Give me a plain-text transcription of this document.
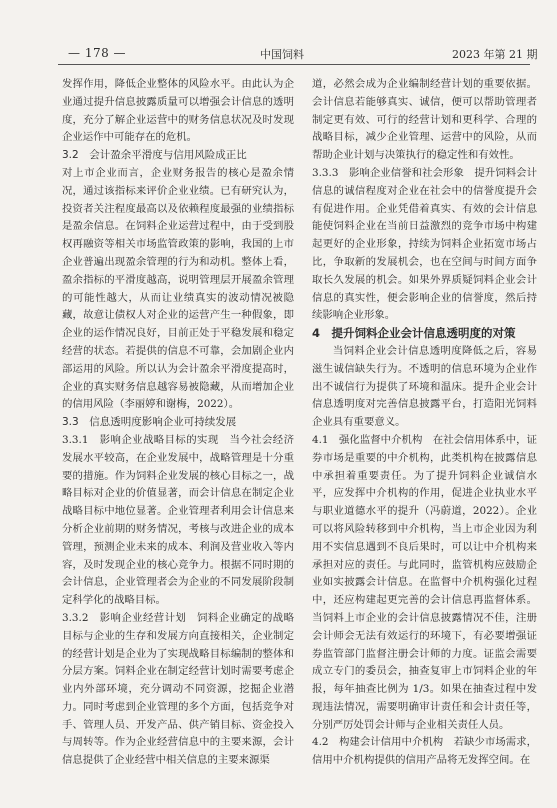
— 178 —	中国饲料	2023 年第 21 期

发挥作用，降低企业整体的风险水平。由此认为企业通过提升信息披露质量可以增强会计信息的透明度，充分了解企业运营中的财务信息状况及时发现企业运作中可能存在的危机。

3.2　会计盈余平滑度与信用风险成正比

对上市企业而言，企业财务报告的核心是盈余情况，通过该指标来评价企业业绩。已有研究认为，投资者关注程度最高以及依赖程度最强的业绩指标是盈余信息。在饲料企业运营过程中，由于受到股权再融资等相关市场监管政策的影响，我国的上市企业普遍出现盈余管理的行为和动机。整体上看，盈余指标的平滑度越高，说明管理层开展盈余管理的可能性越大，从而让业绩真实的波动情况被隐藏，故意让债权人对企业的运营产生一种假象，即企业的运作情况良好，目前正处于平稳发展和稳定经营的状态。若提供的信息不可靠，会加剧企业内部运用的风险。所以认为会计盈余平滑度提高时，企业的真实财务信息越容易被隐藏，从而增加企业的信用风险（李丽婷和谢梅，2022）。

3.3　信息透明度影响企业可持续发展

3.3.1　影响企业战略目标的实现　当今社会经济发展水平较高，在企业发展中，战略管理是十分重要的措施。作为饲料企业发展的核心目标之一，战略目标对企业的价值显著，而会计信息在制定企业战略目标中地位显著。企业管理者利用会计信息来分析企业前期的财务情况，考核与改进企业的成本管理，预测企业未来的成本、利润及营业收入等内容，及时发现企业的核心竞争力。根据不同时期的会计信息，企业管理者会为企业的不同发展阶段制定科学化的战略目标。

3.3.2　影响企业经营计划　饲料企业确定的战略目标与企业的生存和发展方向直接相关，企业制定的经营计划是企业为了实现战略目标编制的整体和分层方案。饲料企业在制定经营计划时需要考虑企业内外部环境，充分调动不同资源，挖掘企业潜力。同时考虑到企业管理的多个方面，包括竞争对手、管理人员、开发产品、供产销目标、资金投入与周转等。作为企业经营信息中的主要来源，会计信息提供了企业经营中相关信息的主要来源渠

道，必然会成为企业编制经营计划的重要依据。会计信息若能够真实、诚信，便可以帮助管理者制定更有效、可行的经营计划和更科学、合理的战略目标，减少企业管理、运营中的风险，从而帮助企业计划与决策执行的稳定性和有效性。

3.3.3　影响企业信誉和社会形象　提升饲料会计信息的诚信程度对企业在社会中的信誉度提升会有促进作用。企业凭借着真实、有效的会计信息能使饲料企业在当前日益激烈的竞争市场中构建起更好的企业形象，持续为饲料企业拓宽市场占比，争取新的发展机会，也在空间与时间方面争取长久发展的机会。如果外界质疑饲料企业会计信息的真实性，便会影响企业的信誉度，然后持续影响企业形象。

4　提升饲料企业会计信息透明度的对策

当饲料企业会计信息透明度降低之后，容易滋生诚信缺失行为。不透明的信息环境为企业作出不诚信行为提供了环境和温床。提升企业会计信息透明度对完善信息披露平台，打造阳光饲料企业具有重要意义。

4.1　强化监督中介机构　在社会信用体系中，证券市场是重要的中介机构，此类机构在披露信息中承担着重要责任。为了提升饲料企业诚信水平，应发挥中介机构的作用，促进企业执业水平与职业道德水平的提升（冯蔚道，2022）。企业可以将风险转移到中介机构，当上市企业因为利用不实信息遇到不良后果时，可以让中介机构来承担对应的责任。与此同时，监管机构应鼓励企业如实披露会计信息。在监督中介机构强化过程中，还应构建起更完善的会计信息再监督体系。当饲料上市企业的会计信息披露情况不佳，注册会计师会无法有效运行的环境下，有必要增强证券监管部门监督注册会计师的力度。证监会需要成立专门的委员会，抽查复审上市饲料企业的年报，每年抽查比例为 1/3。如果在抽查过程中发现违法情况，需要明确审计责任和会计责任等，分别严厉处罚会计师与企业相关责任人员。

4.2　构建会计信用中介机构　若缺少市场需求，信用中介机构提供的信用产品将无发挥空间。在
